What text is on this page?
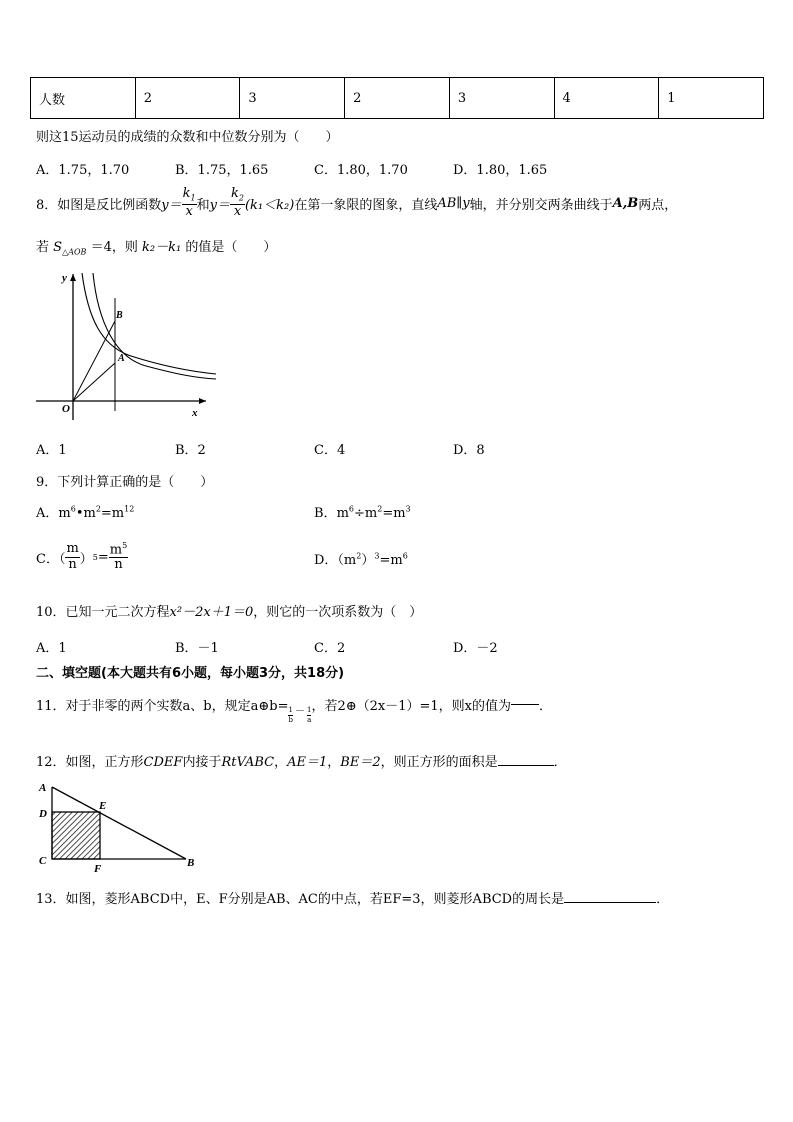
人数	2	3	2	3	4	1
则这15运动员的成绩的众数和中位数分别为（　　）
A．1.75，1.70	B．1.75，1.65	C．1.80，1.70	D．1.80，1.65
8．如图是反比例函数 $y= \frac{k_1}{x}$ 和 $y= \frac{k_2}{x} (k_1<k_2)$ 在第一象限的图象，直线 AB∥y 轴，并分别交两条曲线于 A,B 两点，
若 $S_{\triangle AOB} =4$，则 k₂－k₁ 的值是（　　）
y
x
O
A
B
A．1	B．2	C．4	D．8
9．下列计算正确的是（　　）
A．$m^6•m^2=m^{12}$	B．$m^6\div m^2=m^3$
C．（ $\frac{m}{n}$ ） $5 = \frac{m^5}{n}$	D．$(m^2)^3=m^6$
10．已知一元二次方程x²－2x＋1＝0，则它的一次项系数为（　）
A．1	B．－1	C．2	D．－2
二、填空题(本大题共有6小题，每小题3分，共18分)
11．对于非零的两个实数a、b，规定a⊕b= $\frac{1}{b} - \frac{1}{a}$ ，若2⊕（2x－1）=1，则x的值为 ．
12．如图，正方形CDEF内接于RtVABC，AE＝1，BE＝2，则正方形的面积是	．
A
D
E
C
F	B
13．如图，菱形ABCD中，E、F分别是AB、AC的中点，若EF=3，则菱形ABCD的周长是	．
